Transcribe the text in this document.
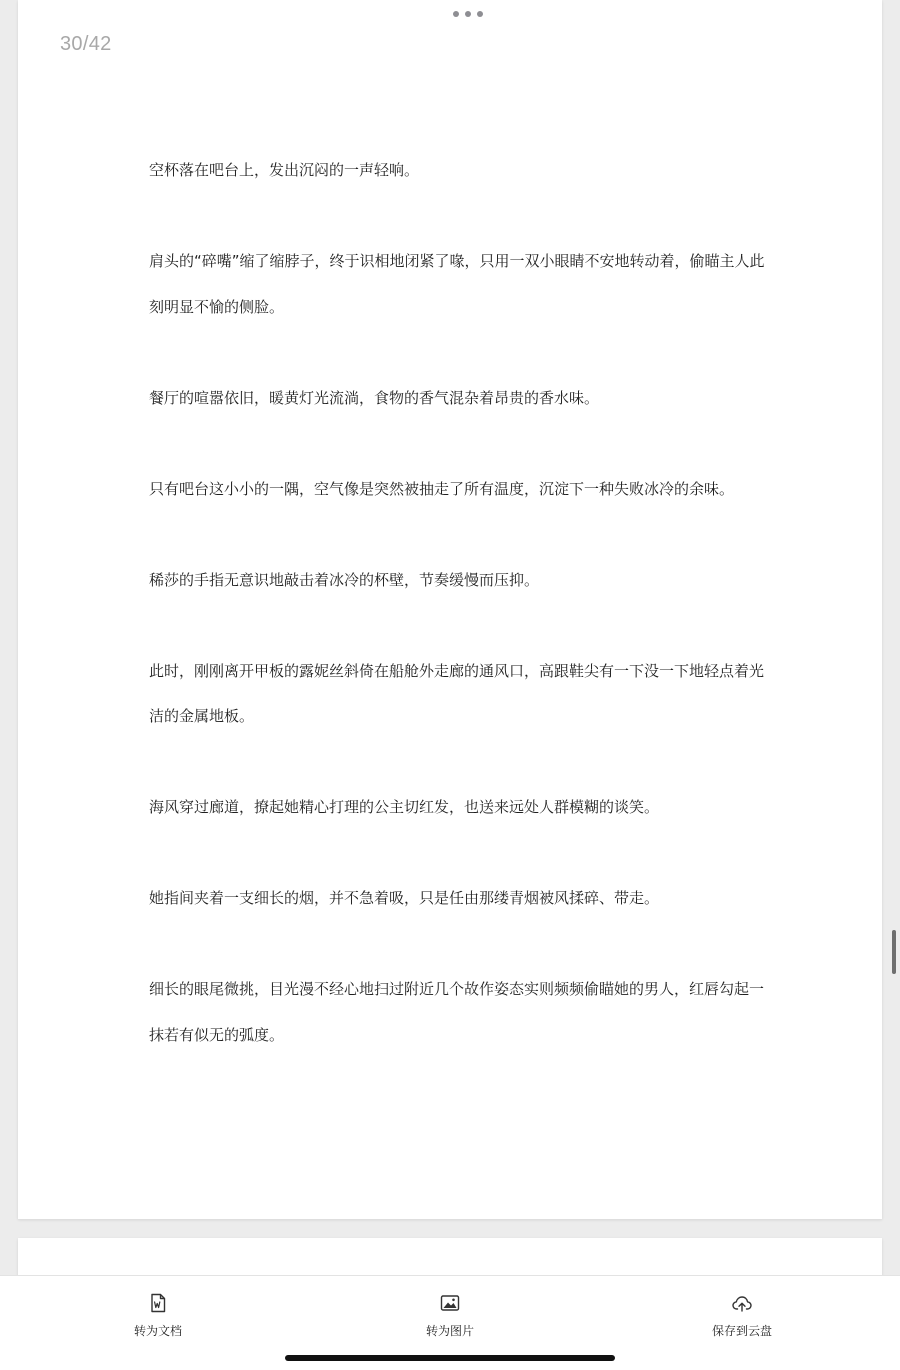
30/42

空杯落在吧台上，发出沉闷的一声轻响。

肩头的“碎嘴”缩了缩脖子，终于识相地闭紧了喙，只用一双小眼睛不安地转动着，偷瞄主人此刻明显不愉的侧脸。

餐厅的喧嚣依旧，暖黄灯光流淌，食物的香气混杂着昂贵的香水味。

只有吧台这小小的一隅，空气像是突然被抽走了所有温度，沉淀下一种失败冰冷的余味。

稀莎的手指无意识地敲击着冰冷的杯壁，节奏缓慢而压抑。

此时，刚刚离开甲板的露妮丝斜倚在船舱外走廊的通风口，高跟鞋尖有一下没一下地轻点着光洁的金属地板。

海风穿过廊道，撩起她精心打理的公主切红发，也送来远处人群模糊的谈笑。

她指间夹着一支细长的烟，并不急着吸，只是任由那缕青烟被风揉碎、带走。

细长的眼尾微挑，目光漫不经心地扫过附近几个故作姿态实则频频偷瞄她的男人，红唇勾起一抹若有似无的弧度。

转为文档	转为图片	保存到云盘
